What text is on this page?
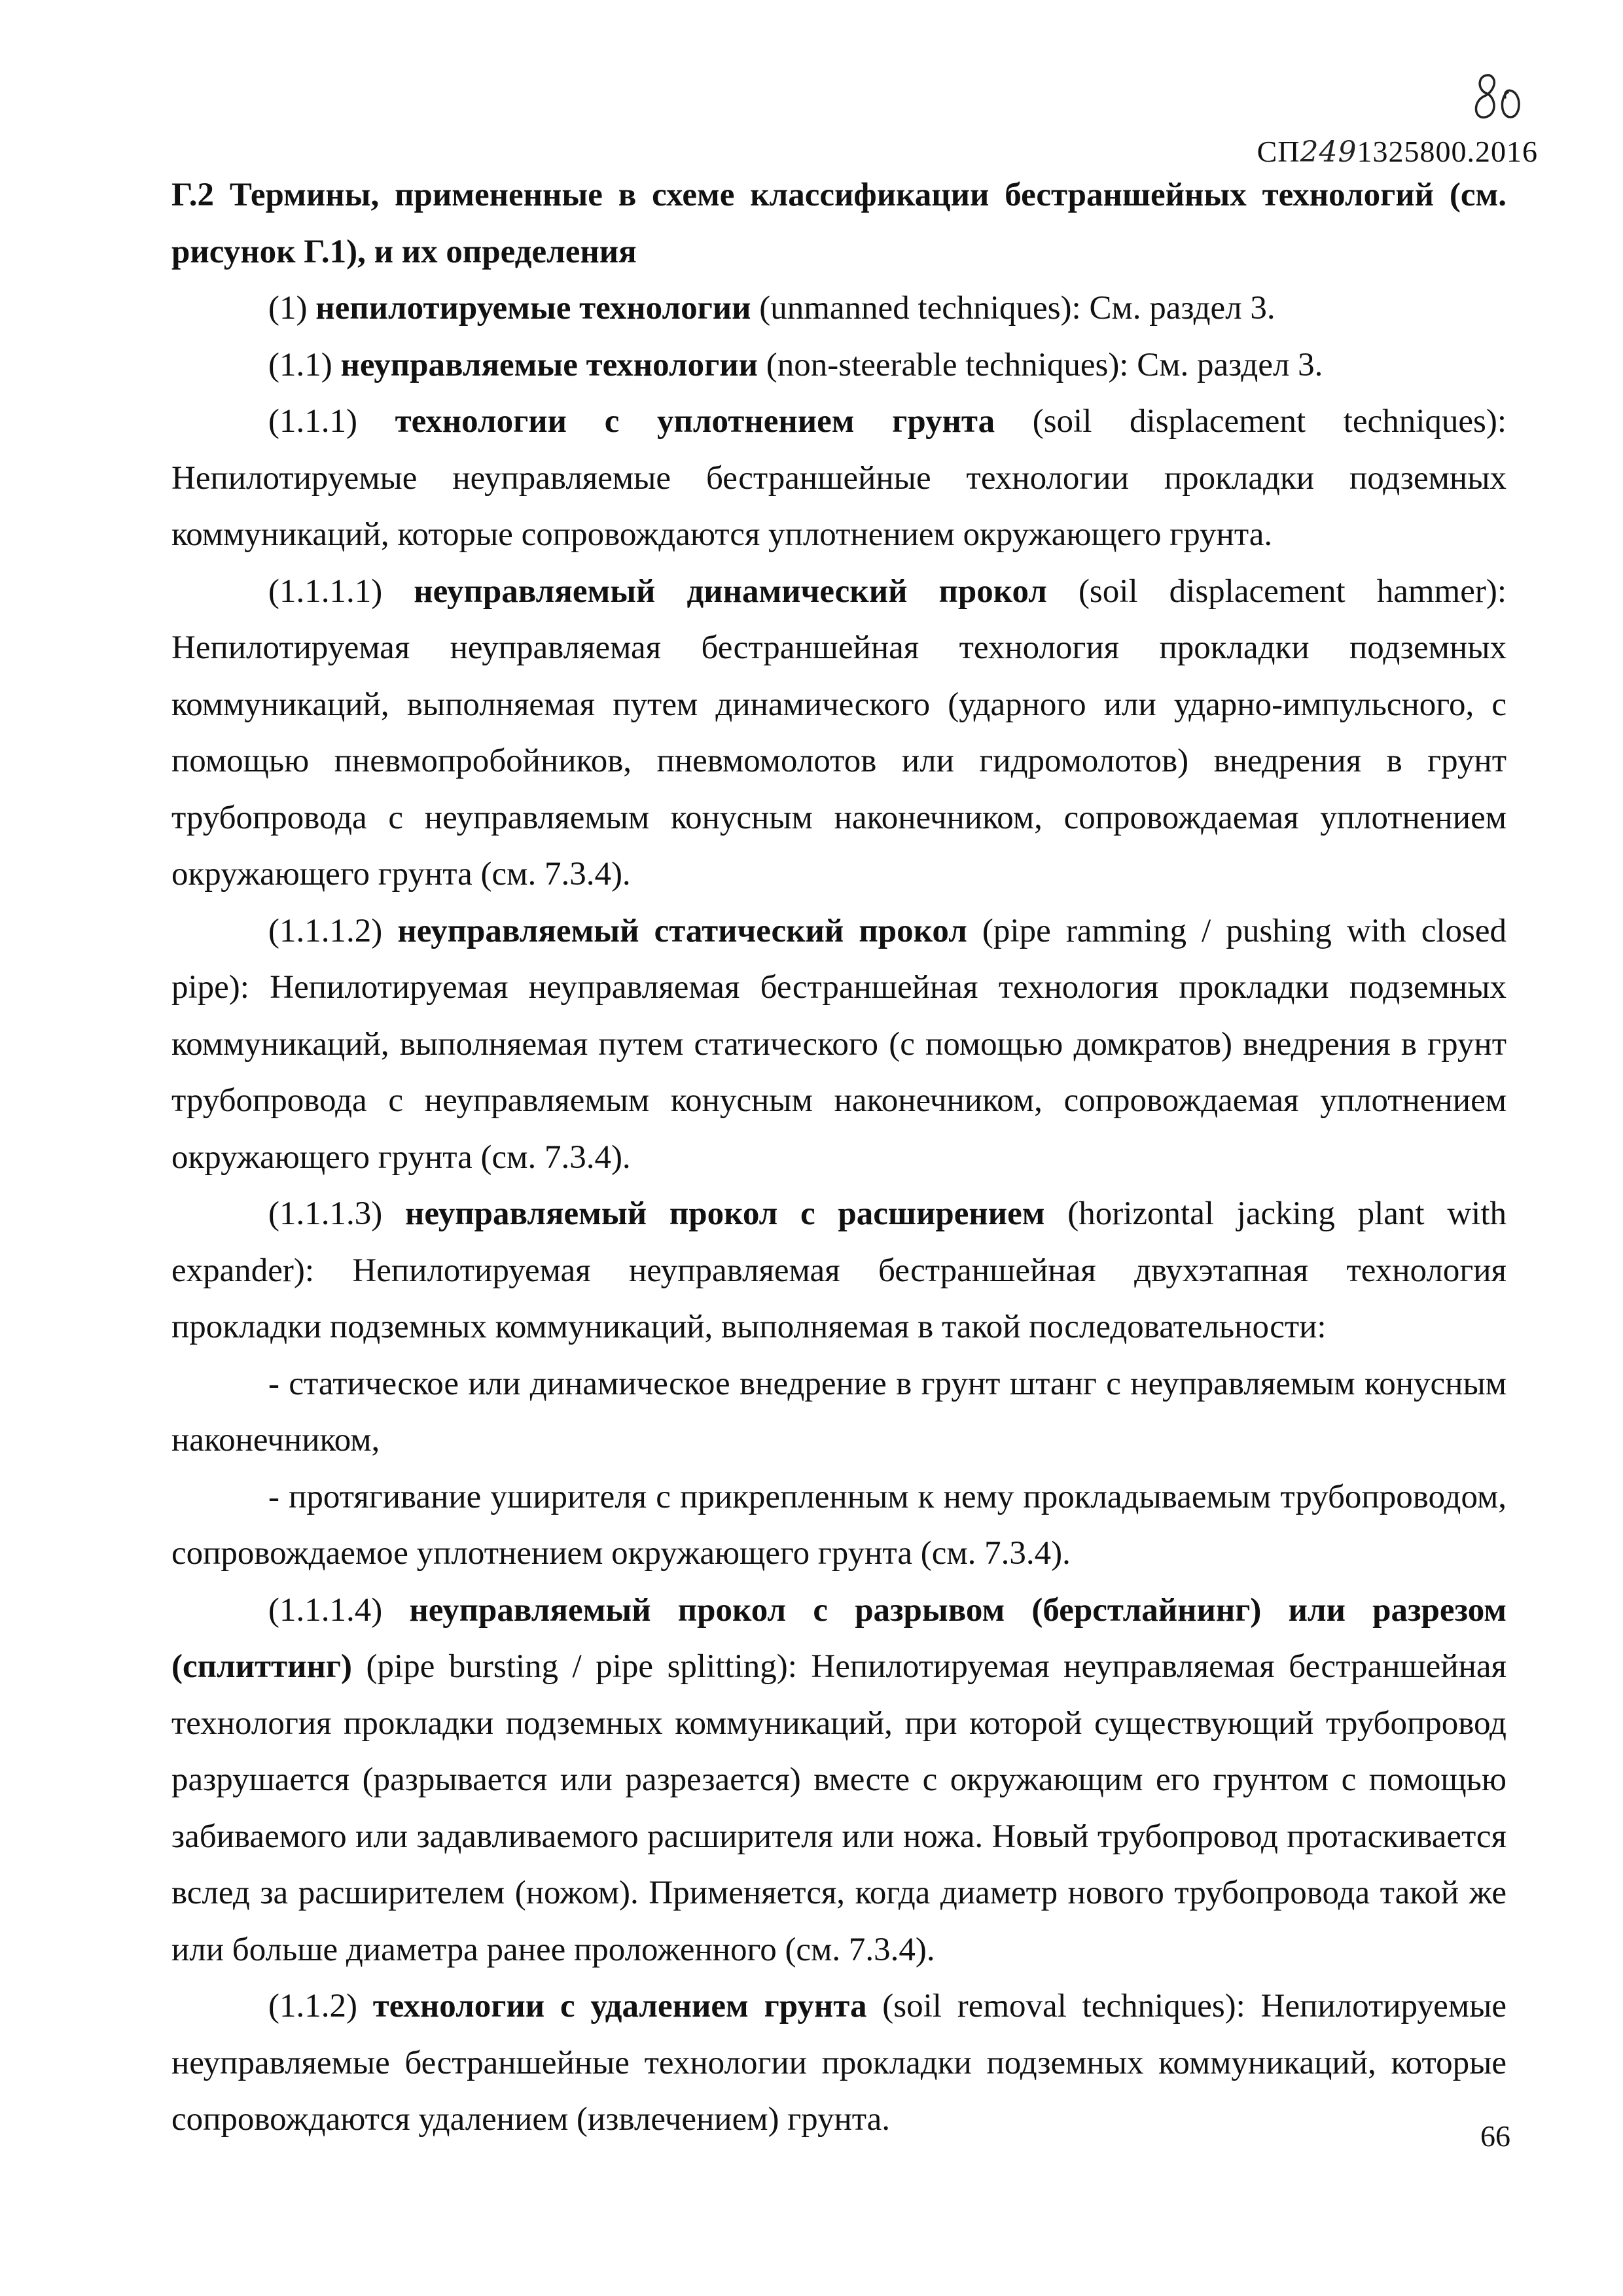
СП2491325800.2016

Г.2 Термины, примененные в схеме классификации бестраншейных технологий (см. рисунок Г.1), и их определения

(1) непилотируемые технологии (unmanned techniques): См. раздел 3.

(1.1) неуправляемые технологии (non-steerable techniques): См. раздел 3.

(1.1.1) технологии с уплотнением грунта (soil displacement techniques): Непилотируемые неуправляемые бестраншейные технологии прокладки подземных коммуникаций, которые сопровождаются уплотнением окружающего грунта.

(1.1.1.1) неуправляемый динамический прокол (soil displacement hammer): Непилотируемая неуправляемая бестраншейная технология прокладки подземных коммуникаций, выполняемая путем динамического (ударного или ударно-импульсного, с помощью пневмопробойников, пневмомолотов или гидромолотов) внедрения в грунт трубопровода с неуправляемым конусным наконечником, сопровождаемая уплотнением окружающего грунта (см. 7.3.4).

(1.1.1.2) неуправляемый статический прокол (pipe ramming / pushing with closed pipe): Непилотируемая неуправляемая бестраншейная технология прокладки подземных коммуникаций, выполняемая путем статического (с помощью домкратов) внедрения в грунт трубопровода с неуправляемым конусным наконечником, сопровождаемая уплотнением окружающего грунта (см. 7.3.4).

(1.1.1.3) неуправляемый прокол с расширением (horizontal jacking plant with expander): Непилотируемая неуправляемая бестраншейная двухэтапная технология прокладки подземных коммуникаций, выполняемая в такой последовательности:

- статическое или динамическое внедрение в грунт штанг с неуправляемым конусным наконечником,

- протягивание уширителя с прикрепленным к нему прокладываемым трубопроводом, сопровождаемое уплотнением окружающего грунта (см. 7.3.4).

(1.1.1.4) неуправляемый прокол с разрывом (берстлайнинг) или разрезом (сплиттинг) (pipe bursting / pipe splitting): Непилотируемая неуправляемая бестраншейная технология прокладки подземных коммуникаций, при которой существующий трубопровод разрушается (разрывается или разрезается) вместе с окружающим его грунтом с помощью забиваемого или задавливаемого расширителя или ножа. Новый трубопровод протаскивается вслед за расширителем (ножом). Применяется, когда диаметр нового трубопровода такой же или больше диаметра ранее проложенного (см. 7.3.4).

(1.1.2) технологии с удалением грунта (soil removal techniques): Непилотируемые неуправляемые бестраншейные технологии прокладки подземных коммуникаций, которые сопровождаются удалением (извлечением) грунта.	66
